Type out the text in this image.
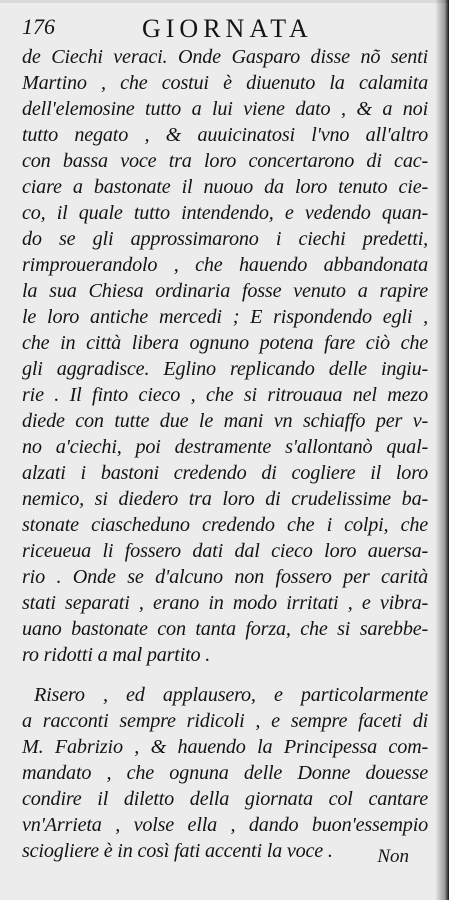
176	GIORNATA
de Ciechi veraci. Onde Gasparo disse nõ senti
Martino , che costui è diuenuto la calamita
dell'elemosine tutto a lui viene dato , & a noi
tutto negato , & auuicinatosi l'vno all'altro
con bassa voce tra loro concertarono di cac-
ciare a bastonate il nuouo da loro tenuto cie-
co, il quale tutto intendendo, e vedendo quan-
do se gli approssimarono i ciechi predetti,
rimprouerandolo , che hauendo abbandonata
la sua Chiesa ordinaria fosse venuto a rapire
le loro antiche mercedi ; E rispondendo egli ,
che in città libera ognuno potena fare ciò che
gli aggradisce. Eglino replicando delle ingiu-
rie . Il finto cieco , che si ritrouaua nel mezo
diede con tutte due le mani vn schiaffo per v-
no a'ciechi, poi destramente s'allontanò qual-
alzati i bastoni credendo di cogliere il loro
nemico, si diedero tra loro di crudelissime ba-
stonate ciascheduno credendo che i colpi, che
riceueua li fossero dati dal cieco loro auersa-
rio . Onde se d'alcuno non fossero per carità
stati separati , erano in modo irritati , e vibra-
uano bastonate con tanta forza, che si sarebbe-
ro ridotti a mal partito .
Risero , ed applausero, e particolarmente
a racconti sempre ridicoli , e sempre faceti di
M. Fabrizio , & hauendo la Principessa com-
mandato , che ognuna delle Donne douesse
condire il diletto della giornata col cantare
vn'Arrieta , volse ella , dando buon'essempio
sciogliere è in così fati accenti la voce .	Non
